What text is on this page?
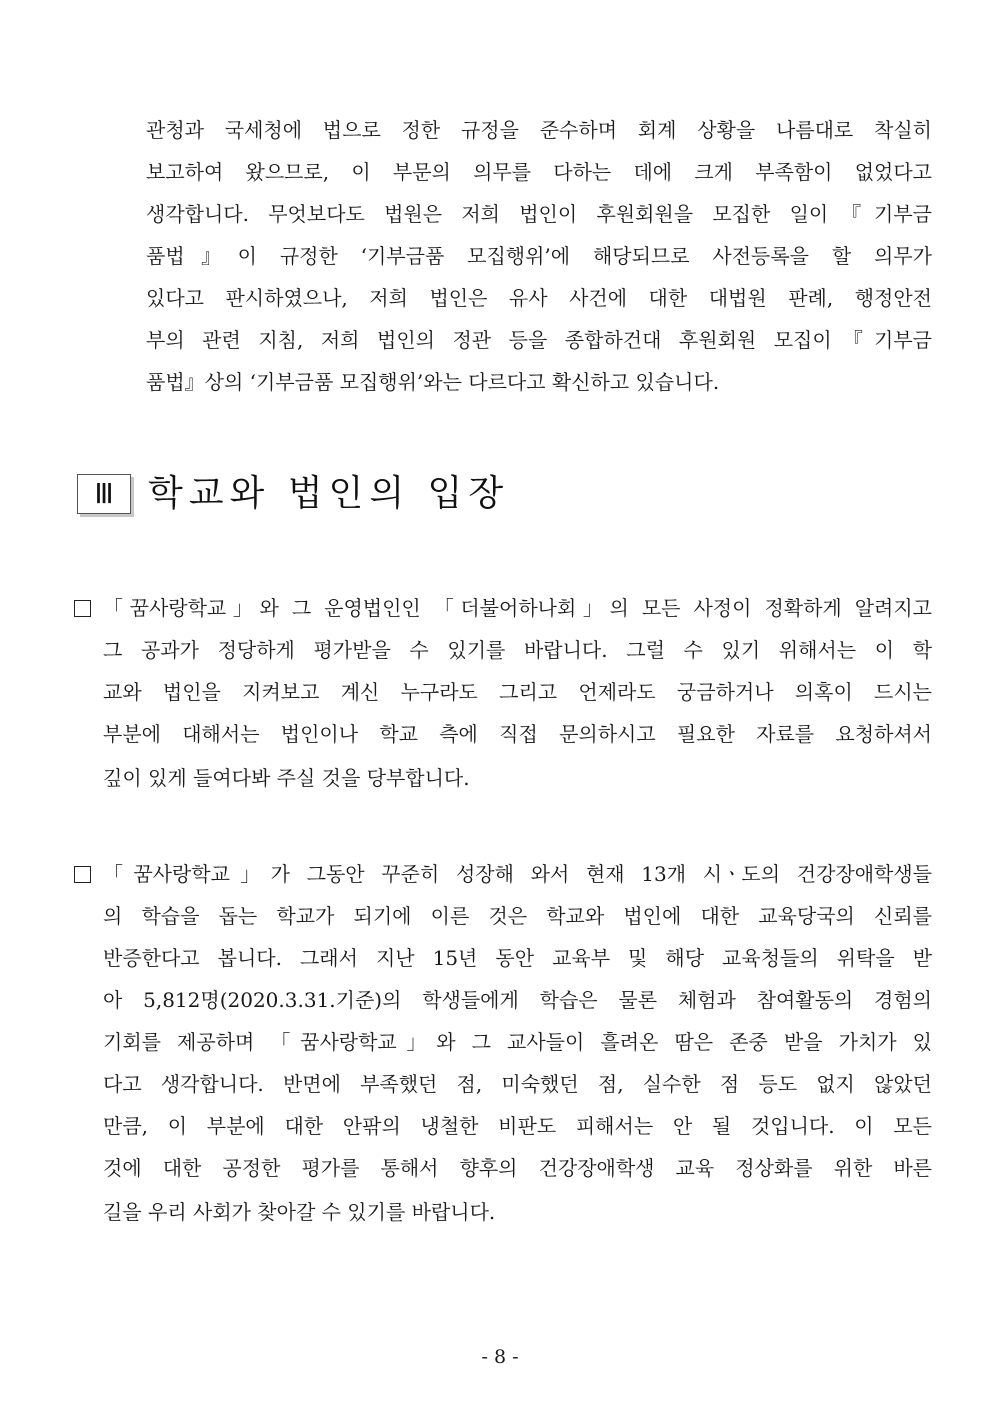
관청과 국세청에 법으로 정한 규정을 준수하며 회계 상황을 나름대로 착실히
보고하여 왔으므로, 이 부문의 의무를 다하는 데에 크게 부족함이 없었다고
생각합니다. 무엇보다도 법원은 저희 법인이 후원회원을 모집한 일이『기부금
품법』이 규정한 ‘기부금품 모집행위’에 해당되므로 사전등록을 할 의무가
있다고 판시하였으나, 저희 법인은 유사 사건에 대한 대법원 판례, 행정안전
부의 관련 지침, 저희 법인의 정관 등을 종합하건대 후원회원 모집이『기부금
품법』상의 ‘기부금품 모집행위’와는 다르다고 확신하고 있습니다.
Ⅲ 학교와 법인의 입장
「꿈사랑학교」와 그 운영법인인 「더불어하나회」의 모든 사정이 정확하게 알려지고
그 공과가 정당하게 평가받을 수 있기를 바랍니다. 그럴 수 있기 위해서는 이 학
교와 법인을 지켜보고 계신 누구라도 그리고 언제라도 궁금하거나 의혹이 드시는
부분에 대해서는 법인이나 학교 측에 직접 문의하시고 필요한 자료를 요청하셔서
깊이 있게 들여다봐 주실 것을 당부합니다.
「꿈사랑학교」가 그동안 꾸준히 성장해 와서 현재 13개 시ㆍ도의 건강장애학생들
의 학습을 돕는 학교가 되기에 이른 것은 학교와 법인에 대한 교육당국의 신뢰를
반증한다고 봅니다. 그래서 지난 15년 동안 교육부 및 해당 교육청들의 위탁을 받
아 5,812명(2020.3.31.기준)의 학생들에게 학습은 물론 체험과 참여활동의 경험의
기회를 제공하며 「꿈사랑학교」와 그 교사들이 흘려온 땀은 존중 받을 가치가 있
다고 생각합니다. 반면에 부족했던 점, 미숙했던 점, 실수한 점 등도 없지 않았던
만큼, 이 부분에 대한 안팎의 냉철한 비판도 피해서는 안 될 것입니다. 이 모든
것에 대한 공정한 평가를 통해서 향후의 건강장애학생 교육 정상화를 위한 바른
길을 우리 사회가 찾아갈 수 있기를 바랍니다.
- 8 -
